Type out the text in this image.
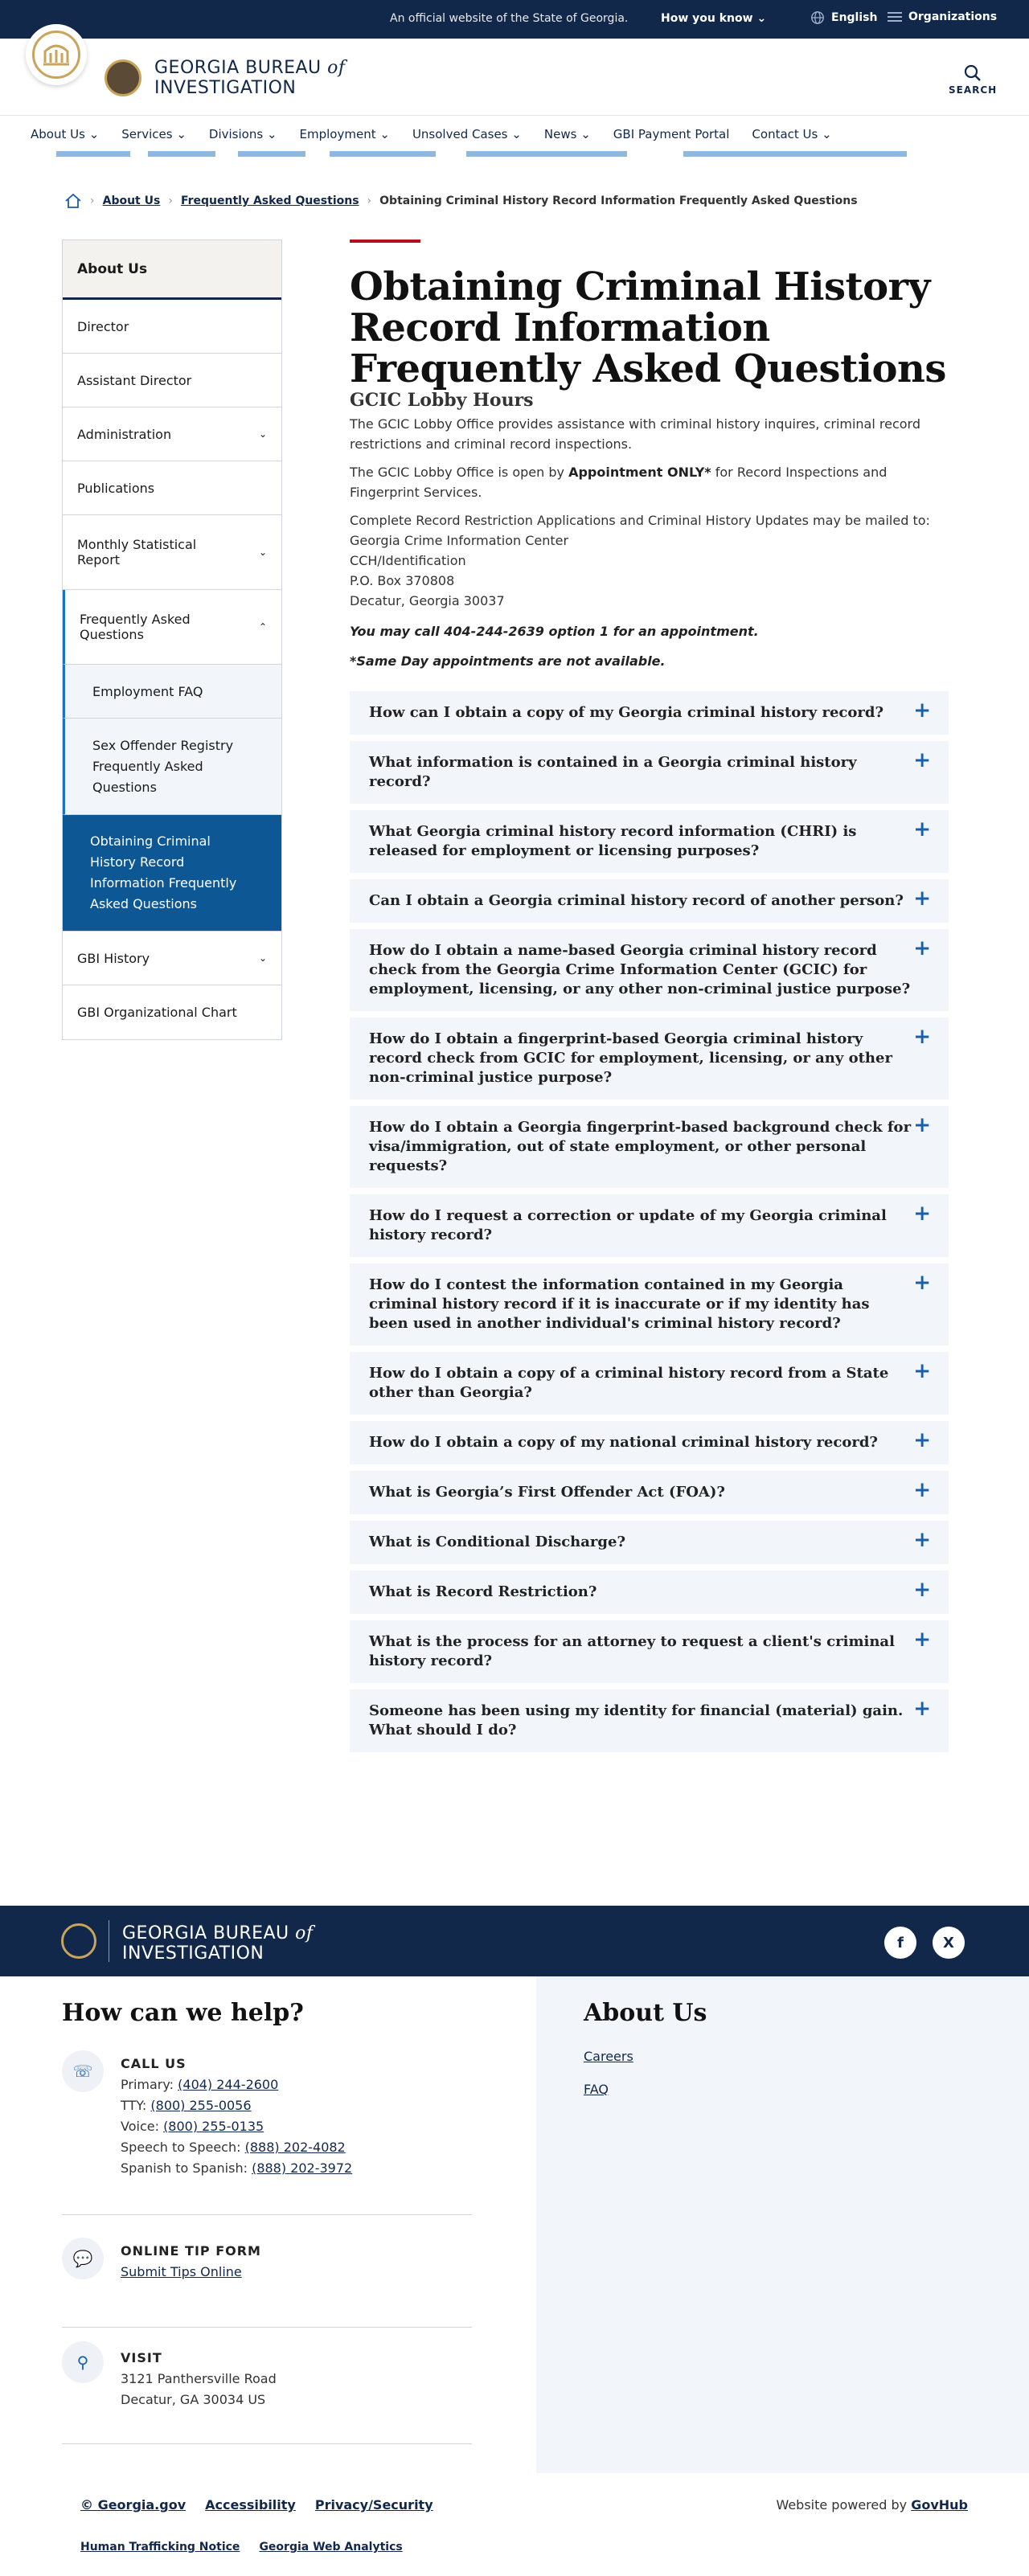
An official website of the State of Georgia.	How you know ⌄	English	Organizations
GEORGIA BUREAU of
INVESTIGATION	SEARCH
About Us ⌄ Services ⌄ Divisions ⌄ Employment ⌄ Unsolved Cases ⌄ News ⌄ GBI Payment Portal Contact Us ⌄
› About Us › Frequently Asked Questions › Obtaining Criminal History Record Information Frequently Asked Questions
About Us
Director
Assistant Director
Administration	⌄
Publications
Monthly Statistical Report	⌄
Frequently Asked Questions	⌃
Employment FAQ
Sex Offender Registry Frequently Asked Questions
Obtaining Criminal History Record Information Frequently Asked Questions
GBI History	⌄
GBI Organizational Chart
Obtaining Criminal History Record Information Frequently Asked Questions
GCIC Lobby Hours

The GCIC Lobby Office provides assistance with criminal history inquires, criminal record restrictions and criminal record inspections.

The GCIC Lobby Office is open by Appointment ONLY* for Record Inspections and Fingerprint Services.

Complete Record Restriction Applications and Criminal History Updates may be mailed to:
Georgia Crime Information Center
CCH/Identification
P.O. Box 370808
Decatur, Georgia 30037

You may call 404-244-2639 option 1 for an appointment.

*Same Day appointments are not available.

How can I obtain a copy of my Georgia criminal history record? +
What information is contained in a Georgia criminal history record?
+
What Georgia criminal history record information (CHRI) is released for employment or licensing purposes?
+
Can I obtain a Georgia criminal history record of another person? +
How do I obtain a name-based Georgia criminal history record check from the Georgia Crime Information Center (GCIC) for employment, licensing, or any other non-criminal justice purpose?
+
How do I obtain a fingerprint-based Georgia criminal history record check from GCIC for employment, licensing, or any other non-criminal justice purpose?
+
How do I obtain a Georgia fingerprint-based background check for visa/immigration, out of state employment, or other personal requests?
+
How do I request a correction or update of my Georgia criminal history record?
+
How do I contest the information contained in my Georgia criminal history record if it is inaccurate or if my identity has been used in another individual's criminal history record?
+
How do I obtain a copy of a criminal history record from a State other than Georgia?
+
How do I obtain a copy of my national criminal history record? +
What is Georgia’s First Offender Act (FOA)?	+
What is Conditional Discharge?	+
What is Record Restriction?	+
What is the process for an attorney to request a client's criminal history record?
+
Someone has been using my identity for financial (material) gain. What should I do?
+
GEORGIA BUREAU of
INVESTIGATION
f	X
About Us
Careers
FAQ
How can we help?
☏	CALL US
Primary: (404) 244-2600
TTY: (800) 255-0056
Voice: (800) 255-0135
Speech to Speech: (888) 202-4082
Spanish to Spanish: (888) 202-3972
💬	ONLINE TIP FORM
Submit Tips Online
⚲	VISIT
3121 Panthersville Road
Decatur, GA 30034 US
© Georgia.gov Accessibility Privacy/Security	Website powered by GovHub
Human Trafficking Notice Georgia Web Analytics
